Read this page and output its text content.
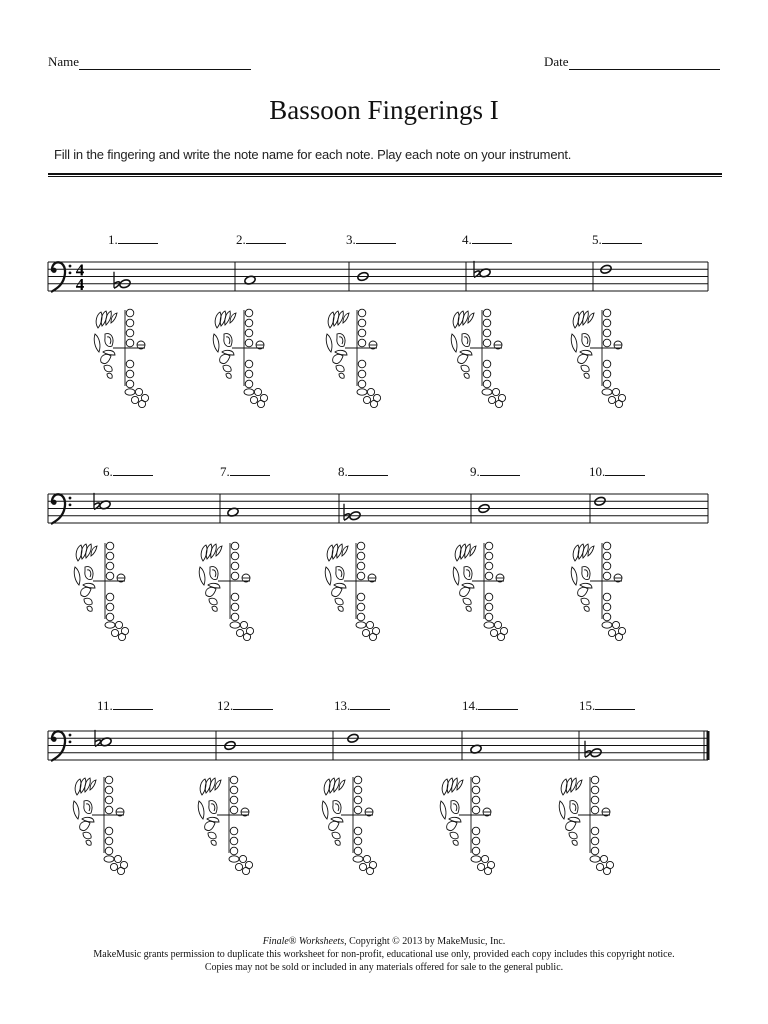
Name	Date
Bassoon Fingerings I
Fill in the fingering and write the note name for each note. Play each note on your instrument.
4
4
1.	2.	3.	4.	5.
6.	7.	8.	9.	10.
11.	12.	13.	14.	15.
Finale® Worksheets, Copyright © 2013 by MakeMusic, Inc.
MakeMusic grants permission to duplicate this worksheet for non-profit, educational use only, provided each copy includes this copyright notice.
Copies may not be sold or included in any materials offered for sale to the general public.
